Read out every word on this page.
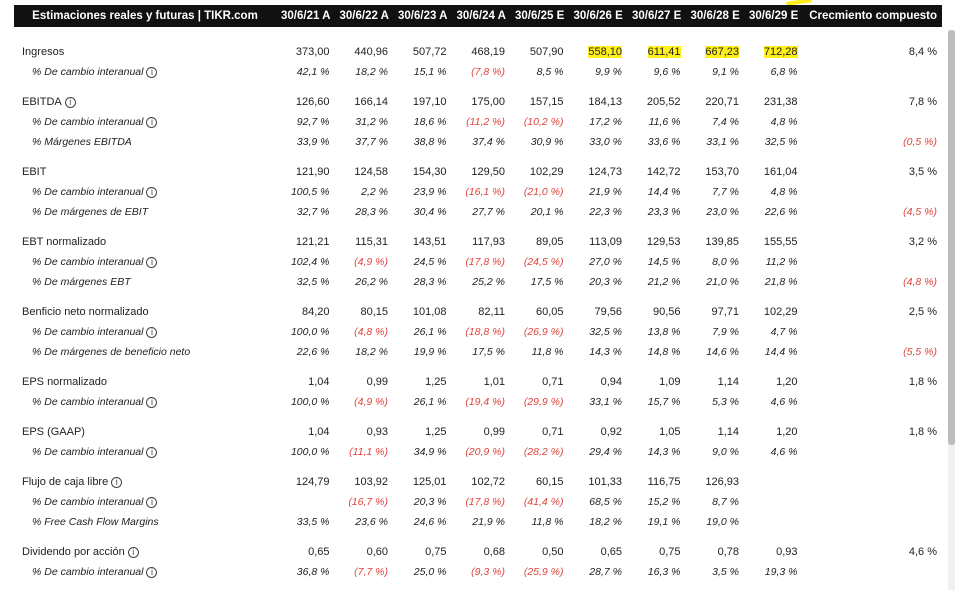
Estimaciones reales y futuras | TIKR.com	30/6/21 A	30/6/22 A	30/6/23 A	30/6/24 A	30/6/25 E	30/6/26 E	30/6/27 E	30/6/28 E	30/6/29 E	Crecmiento compuesto

Ingresos	373,00	440,96	507,72	468,19	507,90	558,10	611,41	667,23	712,28	8,4 %
% De cambio interanual i	42,1 %	18,2 %	15,1 %	(7,8 %)	8,5 %	9,9 %	9,6 %	9,1 %	6,8 %	

EBITDA i	126,60	166,14	197,10	175,00	157,15	184,13	205,52	220,71	231,38	7,8 %
% De cambio interanual i	92,7 %	31,2 %	18,6 %	(11,2 %)	(10,2 %)	17,2 %	11,6 %	7,4 %	4,8 %	
% Márgenes EBITDA	33,9 %	37,7 %	38,8 %	37,4 %	30,9 %	33,0 %	33,6 %	33,1 %	32,5 %	(0,5 %)

EBIT	121,90	124,58	154,30	129,50	102,29	124,73	142,72	153,70	161,04	3,5 %
% De cambio interanual i	100,5 %	2,2 %	23,9 %	(16,1 %)	(21,0 %)	21,9 %	14,4 %	7,7 %	4,8 %	
% De márgenes de EBIT	32,7 %	28,3 %	30,4 %	27,7 %	20,1 %	22,3 %	23,3 %	23,0 %	22,6 %	(4,5 %)

EBT normalizado	121,21	115,31	143,51	117,93	89,05	113,09	129,53	139,85	155,55	3,2 %
% De cambio interanual i	102,4 %	(4,9 %)	24,5 %	(17,8 %)	(24,5 %)	27,0 %	14,5 %	8,0 %	11,2 %	
% De márgenes EBT	32,5 %	26,2 %	28,3 %	25,2 %	17,5 %	20,3 %	21,2 %	21,0 %	21,8 %	(4,8 %)

Benficio neto normalizado	84,20	80,15	101,08	82,11	60,05	79,56	90,56	97,71	102,29	2,5 %
% De cambio interanual i	100,0 %	(4,8 %)	26,1 %	(18,8 %)	(26,9 %)	32,5 %	13,8 %	7,9 %	4,7 %	
% De márgenes de beneficio neto	22,6 %	18,2 %	19,9 %	17,5 %	11,8 %	14,3 %	14,8 %	14,6 %	14,4 %	(5,5 %)

EPS normalizado	1,04	0,99	1,25	1,01	0,71	0,94	1,09	1,14	1,20	1,8 %
% De cambio interanual i	100,0 %	(4,9 %)	26,1 %	(19,4 %)	(29,9 %)	33,1 %	15,7 %	5,3 %	4,6 %	

EPS (GAAP)	1,04	0,93	1,25	0,99	0,71	0,92	1,05	1,14	1,20	1,8 %
% De cambio interanual i	100,0 %	(11,1 %)	34,9 %	(20,9 %)	(28,2 %)	29,4 %	14,3 %	9,0 %	4,6 %	

Flujo de caja libre i	124,79	103,92	125,01	102,72	60,15	101,33	116,75	126,93		
% De cambio interanual i		(16,7 %)	20,3 %	(17,8 %)	(41,4 %)	68,5 %	15,2 %	8,7 %		
% Free Cash Flow Margins	33,5 %	23,6 %	24,6 %	21,9 %	11,8 %	18,2 %	19,1 %	19,0 %		

Dividendo por acción i	0,65	0,60	0,75	0,68	0,50	0,65	0,75	0,78	0,93	4,6 %
% De cambio interanual i	36,8 %	(7,7 %)	25,0 %	(9,3 %)	(25,9 %)	28,7 %	16,3 %	3,5 %	19,3 %	
